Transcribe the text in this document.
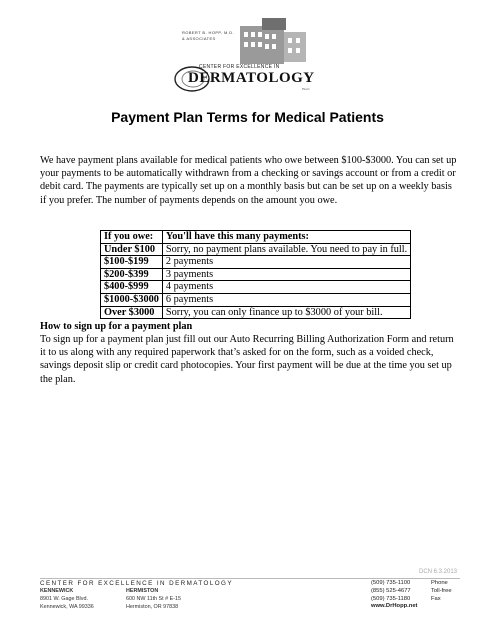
ROBERT B. HOPP, M.D.
& ASSOCIATES
CENTER FOR EXCELLENCE IN
DERMATOLOGY
PLLC
Payment Plan Terms for Medical Patients
We have payment plans available for medical patients who owe between $100-$3000. You can set up your payments to be automatically withdrawn from a checking or savings account or from a credit or debit card. The payments are typically set up on a monthly basis but can be set up on a weekly basis if you prefer. The number of payments depends on the amount you owe.
If you owe:	You'll have this many payments:
Under $100	Sorry, no payment plans available. You need to pay in full.
$100-$199	2 payments
$200-$399	3 payments
$400-$999	4 payments
$1000-$3000	6 payments
Over $3000	Sorry, you can only finance up to $3000 of your bill.
How to sign up for a payment plan
To sign up for a payment plan just fill out our Auto Recurring Billing Authorization Form and return it to us along with any required paperwork that’s asked for on the form, such as a voided check, savings deposit slip or credit card photocopies. Your first payment will be due at the time you set up the plan.
DCN 6.3.2013
CENTER FOR EXCELLENCE IN DERMATOLOGY
KENNEWICK
8901 W. Gage Blvd.
Kennewick, WA 99336
HERMISTON
600 NW 11th St # E-15
Hermiston, OR 97838
(509) 735-1100	Phone
(855) 525-4677	Toll-free
(509) 735-1180	Fax
www.DrHopp.net
